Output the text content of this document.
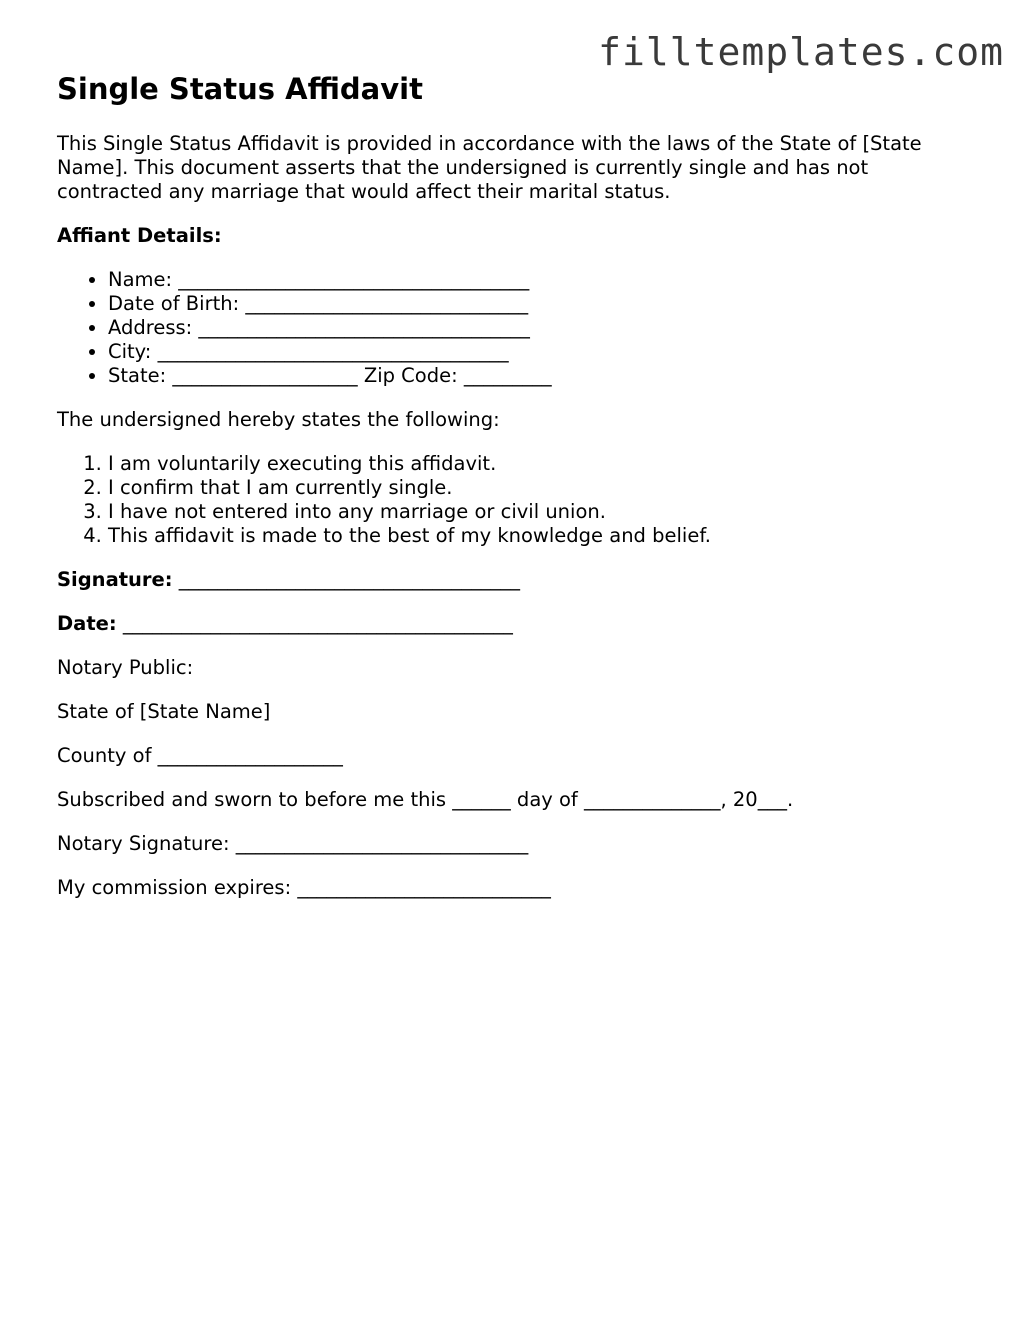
filltemplates.com
Single Status Affidavit

This Single Status Affidavit is provided in accordance with the laws of the State of [State Name]. This document asserts that the undersigned is currently single and has not contracted any marriage that would affect their marital status.

Affiant Details:

• Name: ____________________________________
• Date of Birth: _____________________________
• Address: __________________________________
• City: ____________________________________
• State: ___________________ Zip Code: _________

The undersigned hereby states the following:

1. I am voluntarily executing this affidavit.
2. I confirm that I am currently single.
3. I have not entered into any marriage or civil union.
4. This affidavit is made to the best of my knowledge and belief.

Signature: ___________________________________

Date: ________________________________________

Notary Public:

State of [State Name]

County of ___________________

Subscribed and sworn to before me this ______ day of ______________, 20___.

Notary Signature: ______________________________

My commission expires: __________________________
